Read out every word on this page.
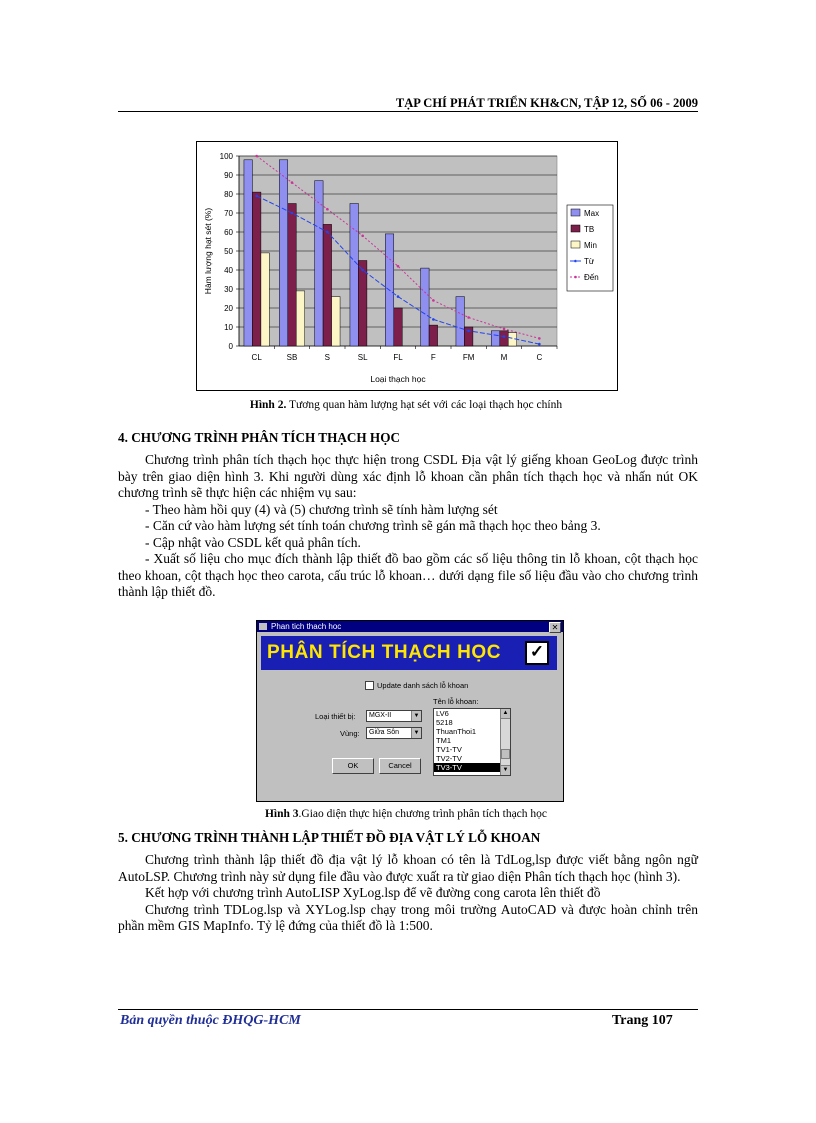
TẠP CHÍ PHÁT TRIỂN KH&CN, TẬP 12, SỐ 06 - 2009
0
10
20
30
40
50
60
70
80
90
100
CL	SB	S	SL	FL	F	FM	M	C
Loại thạch học
Hàm lượng hạt sét (%)	Max
TB
Min
Từ
Đến
Hình 2. Tương quan hàm lượng hạt sét với các loại thạch học chính
4. CHƯƠNG TRÌNH PHÂN TÍCH THẠCH HỌC

Chương trình phân tích thạch học thực hiện trong CSDL Địa vật lý giếng khoan GeoLog được trình bày trên giao diện hình 3. Khi người dùng xác định lỗ khoan cần phân tích thạch học và nhấn nút OK chương trình sẽ thực hiện các nhiệm vụ sau:

- Theo hàm hồi quy (4) và (5) chương trình sẽ tính hàm lượng sét

- Căn cứ vào hàm lượng sét tính toán chương trình sẽ gán mã thạch học theo bảng 3.

- Cập nhật vào CSDL kết quả phân tích.

- Xuất số liệu cho mục đích thành lập thiết đồ bao gồm các số liệu thông tin lỗ khoan, cột thạch học theo khoan, cột thạch học theo carota, cấu trúc lỗ khoan… dưới dạng file số liệu đầu vào cho chương trình thành lập thiết đồ.

Phan tich thach hoc	✕
PHÂN TÍCH THẠCH HỌC ✓
Update danh sách lỗ khoan
Tên lỗ khoan:
Loại thiết bị:	MGX-II	▼
Vùng:	Giữa Sôn	▼
LV6
5218
ThuanThoi1
TM1
TV1-TV
TV2-TV
TV3-TV
▲
▼
OK	Cancel
Hình 3.Giao diện thực hiện chương trình phân tích thạch học
5. CHƯƠNG TRÌNH THÀNH LẬP THIẾT ĐỒ ĐỊA VẬT LÝ LỖ KHOAN

Chương trình thành lập thiết đồ địa vật lý lỗ khoan có tên là TdLog,lsp được viết bằng ngôn ngữ AutoLSP. Chương trình này sử dụng file đầu vào được xuất ra từ giao diện Phân tích thạch học (hình 3).

Kết hợp với chương trình AutoLISP XyLog.lsp để vẽ đường cong carota lên thiết đồ

Chương trình TDLog.lsp và XYLog.lsp chạy trong môi trường AutoCAD và được hoàn chỉnh trên phần mềm GIS MapInfo. Tỷ lệ đứng của thiết đồ là 1:500.

Bản quyền thuộc ĐHQG-HCM	Trang 107
